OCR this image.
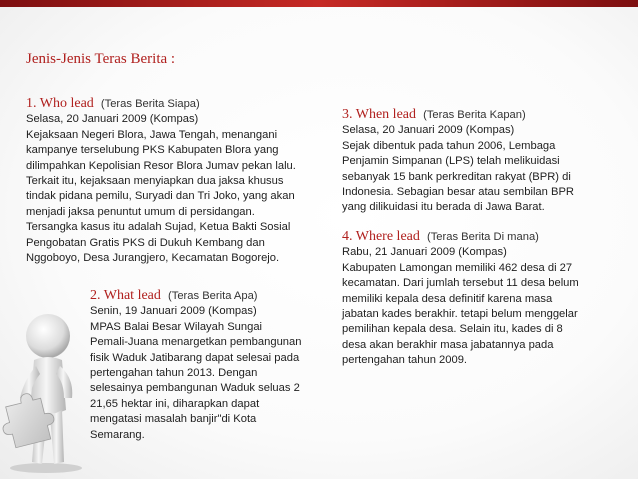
Jenis-Jenis Teras Berita :
1. Who lead (Teras Berita Siapa)
Selasa, 20 Januari 2009 (Kompas)
Kejaksaan Negeri Blora, Jawa Tengah, menangani
kampanye terselubung PKS Kabupaten Blora yang
dilimpahkan Kepolisian Resor Blora Jumav pekan lalu.
Terkait itu, kejaksaan menyiapkan dua jaksa khusus
tindak pidana pemilu, Suryadi dan Tri Joko, yang akan
menjadi jaksa penuntut umum di persidangan.
Tersangka kasus itu adalah Sujad, Ketua Bakti Sosial
Pengobatan Gratis PKS di Dukuh Kembang dan
Nggoboyo, Desa Jurangjero, Kecamatan Bogorejo.
2. What lead (Teras Berita Apa)
Senin, 19 Januari 2009 (Kompas)
MPAS Balai Besar Wilayah Sungai
Pemali-Juana menargetkan pembangunan
fisik Waduk Jatibarang dapat selesai pada
pertengahan tahun 2013. Dengan
selesainya pembangunan Waduk seluas 2
21,65 hektar ini, diharapkan dapat
mengatasi masalah banjir"di Kota
Semarang.
3. When lead (Teras Berita Kapan)
Selasa, 20 Januari 2009 (Kompas)
Sejak dibentuk pada tahun 2006, Lembaga
Penjamin Simpanan (LPS) telah melikuidasi
sebanyak 15 bank perkreditan rakyat (BPR) di
Indonesia. Sebagian besar atau sembilan BPR
yang dilikuidasi itu berada di Jawa Barat.
4. Where lead (Teras Berita Di mana)
Rabu, 21 Januari 2009 (Kompas)
Kabupaten Lamongan memiliki 462 desa di 27
kecamatan. Dari jumlah tersebut 11 desa belum
memiliki kepala desa definitif karena masa
jabatan kades berakhir. tetapi belum menggelar
pemilihan kepala desa. Selain itu, kades di 8
desa akan berakhir masa jabatannya pada
pertengahan tahun 2009.
